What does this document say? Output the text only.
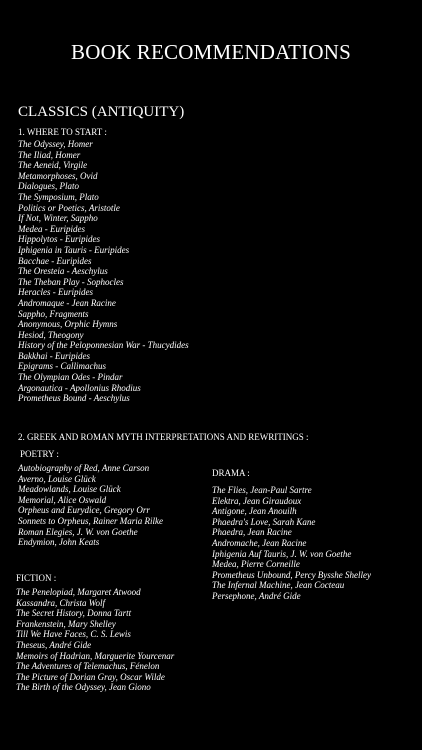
BOOK RECOMMENDATIONS
CLASSICS (ANTIQUITY)
1. WHERE TO START :
The Odyssey, Homer
The Iliad, Homer
The Aeneid, Virgile
Metamorphoses, Ovid
Dialogues, Plato
The Symposium, Plato
Politics or Poetics, Aristotle
If Not, Winter, Sappho
Medea - Euripides
Hippolytos - Euripides
Iphigenia in Tauris - Euripides
Bacchae - Euripides
The Oresteia - Aeschylus
The Theban Play - Sophocles
Heracles - Euripides
Andromaque - Jean Racine
Sappho, Fragments
Anonymous, Orphic Hymns
Hesiod, Theogony
History of the Peloponnesian War - Thucydides
Bakkhai - Euripides
Epigrams - Callimachus
The Olympian Odes - Pindar
Argonautica - Apollonius Rhodius
Prometheus Bound - Aeschylus
2. GREEK AND ROMAN MYTH INTERPRETATIONS AND REWRITINGS :
POETRY :
Autobiography of Red, Anne Carson
Averno, Louise Glück
Meadowlands, Louise Glück
Memorial, Alice Oswald
Orpheus and Eurydice, Gregory Orr
Sonnets to Orpheus, Rainer Maria Rilke
Roman Elegies, J. W. von Goethe
Endymion, John Keats
DRAMA :
The Flies, Jean-Paul Sartre
Elektra, Jean Giraudoux
Antigone, Jean Anouilh
Phaedra's Love, Sarah Kane
Phaedra, Jean Racine
Andromache, Jean Racine
Iphigenia Auf Tauris, J. W. von Goethe
Medea, Pierre Corneille
Prometheus Unbound, Percy Bysshe Shelley
The Infernal Machine, Jean Cocteau
Persephone, André Gide
FICTION :
The Penelopiad, Margaret Atwood
Kassandra, Christa Wolf
The Secret History, Donna Tartt
Frankenstein, Mary Shelley
Till We Have Faces, C. S. Lewis
Theseus, André Gide
Memoirs of Hadrian, Marguerite Yourcenar
The Adventures of Telemachus, Fénelon
The Picture of Dorian Gray, Oscar Wilde
The Birth of the Odyssey, Jean Giono
